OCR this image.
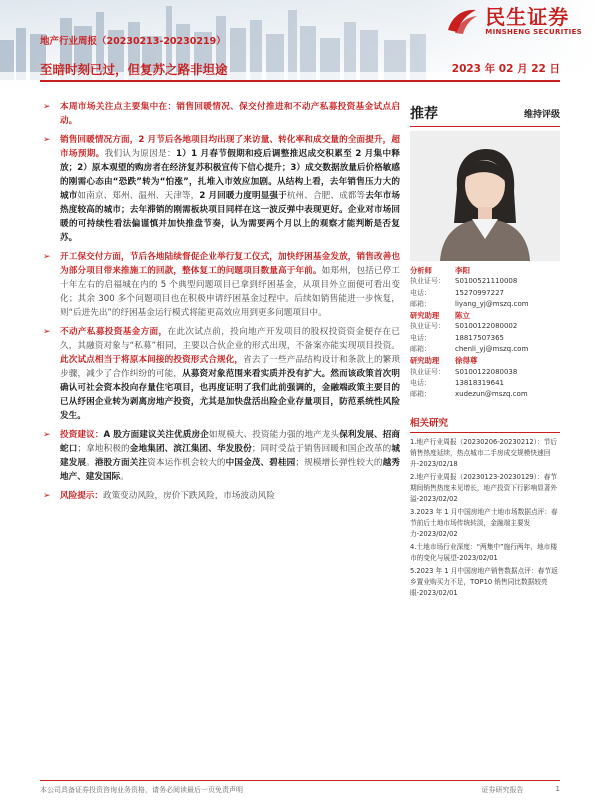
民生证券
MINSHENG SECURITIES
地产行业周报（20230213-20230219）
至暗时刻已过，但复苏之路非坦途	2023 年 02 月 22 日
➢	本周市场关注点主要集中在：销售回暖情况、保交付推进和不动产私募投资基金试点启动。
➢	销售回暖情况方面，2 月节后各地项目均出现了来访量、转化率和成交量的全面提升，超市场预期。我们认为原因是：1）1 月春节假期和疫后调整推迟成交积累至 2 月集中释放；2）原本观望的购房者在经济复苏积极宣传下信心提升；3）成交数据放量后价格敏感的刚需心态由“恐跌”转为“怕涨”，扎堆入市效应加剧。从结构上看，去年销售压力大的城市如南京、郑州、温州、天津等，2 月回暖力度明显强于杭州、合肥、成都等去年市场热度较高的城市；去年滞销的刚需板块项目同样在这一波反弹中表现更好。企业对市场回暖的可持续性看法偏谨慎并加快推盘节奏，认为需要两个月以上的观察才能判断是否复苏。
➢	开工保交付方面，节后各地陆续督促企业举行复工仪式，加快纾困基金发放，销售改善也为部分项目带来推施工的回款，整体复工的问题项目数量高于年前。如郑州，包括已停工十年左右的启福城在内的 5 个典型问题项目已拿到纾困基金，从项目外立面便可看出变化；其余 300 多个问题项目也在积极申请纾困基金过程中。后续如销售能进一步恢复，则“后进先出”的纾困基金运行模式将能更高效应用到更多问题项目中。
➢	不动产私募投资基金方面，在此次试点前，投向地产开发项目的股权投资资金便存在已久，其融资对象与“私募”相同，主要以合伙企业的形式出现，不备案亦能实现项目投资。此次试点相当于将原本间接的投资形式合规化，省去了一些产品结构设计和条款上的繁琐步骤，减少了合作纠纷的可能，从募资对象范围来看实质并没有扩大。然而该政策首次明确认可社会资本投向存量住宅项目，也再度证明了我们此前强调的，金融端政策主要目的已从纾困企业转为剥离房地产投资，尤其是加快盘活出险企业存量项目，防范系统性风险发生。
➢	投资建议：A 股方面建议关注优质房企如规模大、投资能力强的地产龙头保利发展、招商蛇口；拿地积极的金地集团、滨江集团、华发股份；同时受益于销售回暖和国企改革的城建发展。港股方面关注资本运作机会较大的中国金茂、碧桂园；规模增长弹性较大的越秀地产、建发国际。
➢	风险提示：政策变动风险，房价下跌风险，市场波动风险
推荐	维持评级
分析师	李阳
执业证号：	S0100521110008
电话：	15270997227
邮箱：	liyang_yj@mszq.com
研究助理	陈立
执业证号：	S0100122080002
电话：	18817507365
邮箱：	chenli_yj@mszq.com
研究助理	徐得尊
执业证号：	S0100122080038
电话：	13818319641
邮箱：	xudezun@mszq.com
相关研究
1.地产行业周报（20230206-20230212）：节后销售热度延续，热点城市二手房成交规模快速回升-2023/02/18
2.地产行业周报（20230123-20230129）：春节期间销售热度未见增长，地产投资下行影响显著外溢-2023/02/02
3.2023 年 1 月中国房地产土地市场数据点评：春节前后土地市场传统转淡，金融端主要发力-2023/02/02
4.土地市场行业深度：“两集中”施行两年，地市楼市的变化与展望-2023/02/01
5.2023 年 1 月中国房地产销售数据点评：春节返乡置业购买力不足，TOP10 销售同比数据较亮眼-2023/02/01
本公司具备证券投资咨询业务资格，请务必阅读最后一页免责声明	证券研究报告	1
